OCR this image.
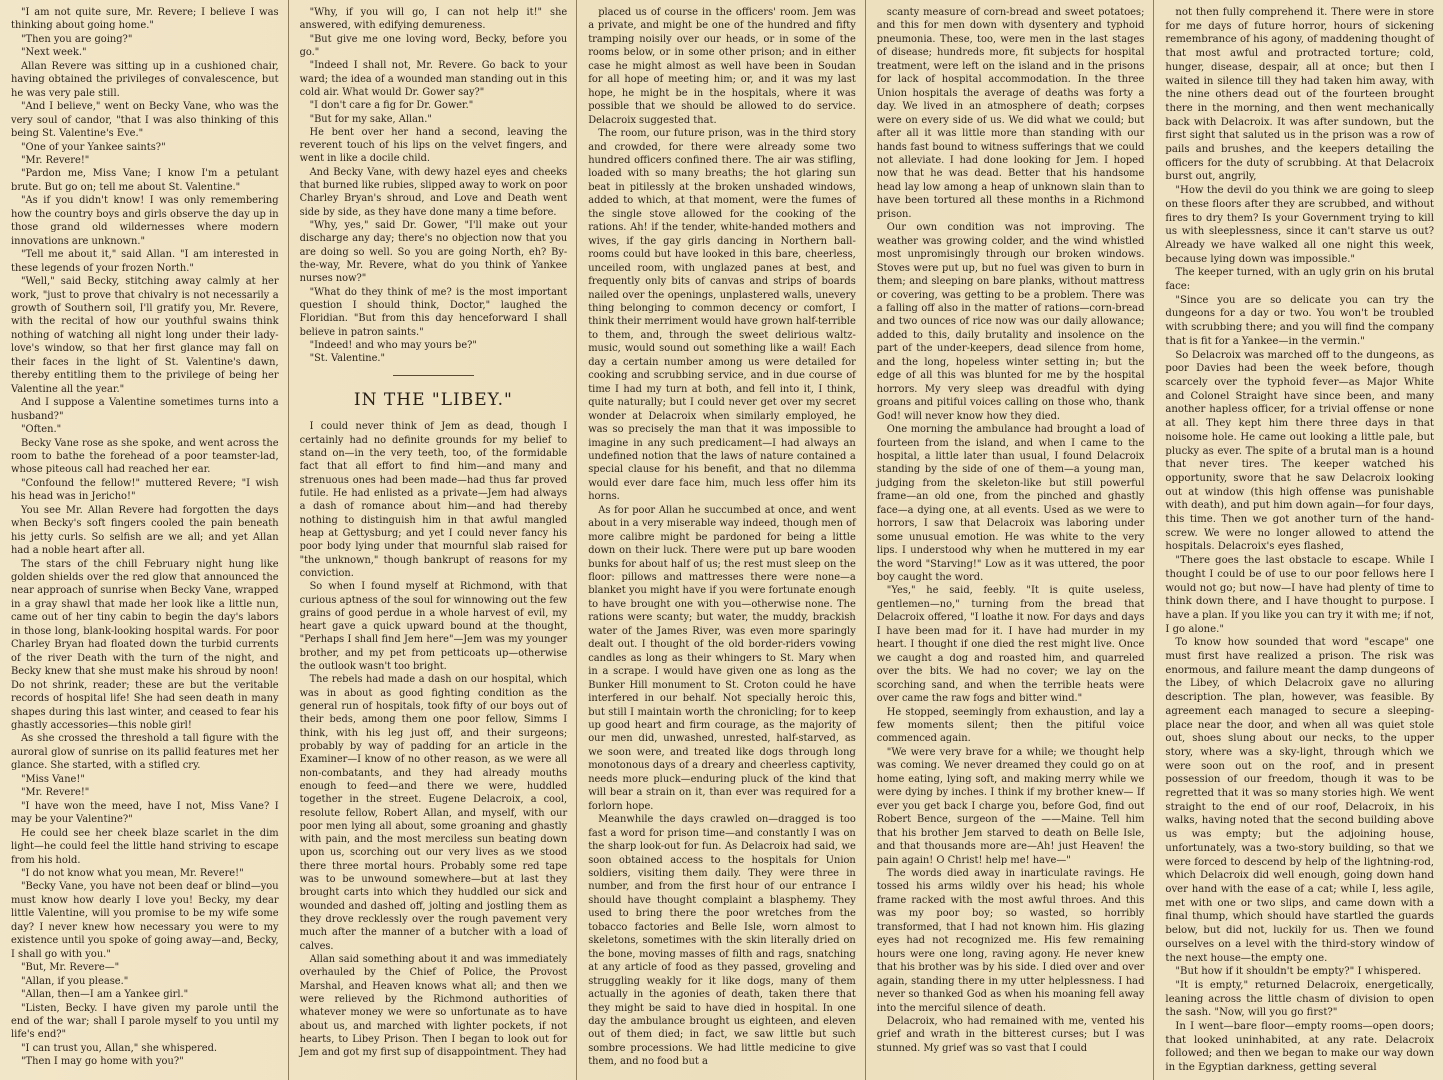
"I am not quite sure, Mr. Revere; I believe I was thinking about going home."

"Then you are going?"

"Next week."

Allan Revere was sitting up in a cushioned chair, having obtained the privileges of convalescence, but he was very pale still.

"And I believe," went on Becky Vane, who was the very soul of candor, "that I was also thinking of this being St. Valentine's Eve."

"One of your Yankee saints?"

"Mr. Revere!"

"Pardon me, Miss Vane; I know I'm a petulant brute. But go on; tell me about St. Valentine."

"As if you didn't know! I was only remembering how the country boys and girls observe the day up in those grand old wildernesses where modern innovations are unknown."

"Tell me about it," said Allan. "I am interested in these legends of your frozen North."

"Well," said Becky, stitching away calmly at her work, "just to prove that chivalry is not necessarily a growth of Southern soil, I'll gratify you, Mr. Revere, with the recital of how our youthful swains think nothing of watching all night long under their lady-love's window, so that her first glance may fall on their faces in the light of St. Valentine's dawn, thereby entitling them to the privilege of being her Valentine all the year."

And I suppose a Valentine sometimes turns into a husband?"

"Often."

Becky Vane rose as she spoke, and went across the room to bathe the forehead of a poor teamster-lad, whose piteous call had reached her ear.

"Confound the fellow!" muttered Revere; "I wish his head was in Jericho!"

You see Mr. Allan Revere had forgotten the days when Becky's soft fingers cooled the pain beneath his jetty curls. So selfish are we all; and yet Allan had a noble heart after all.

The stars of the chill February night hung like golden shields over the red glow that announced the near approach of sunrise when Becky Vane, wrapped in a gray shawl that made her look like a little nun, came out of her tiny cabin to begin the day's labors in those long, blank-looking hospital wards. For poor Charley Bryan had floated down the turbid currents of the river Death with the turn of the night, and Becky knew that she must make his shroud by noon! Do not shrink, reader; these are but the veritable records of hospital life! She had seen death in many shapes during this last winter, and ceased to fear his ghastly accessories—this noble girl!

As she crossed the threshold a tall figure with the auroral glow of sunrise on its pallid features met her glance. She started, with a stifled cry.

"Miss Vane!"

"Mr. Revere!"

"I have won the meed, have I not, Miss Vane? I may be your Valentine?"

He could see her cheek blaze scarlet in the dim light—he could feel the little hand striving to escape from his hold.

"I do not know what you mean, Mr. Revere!"

"Becky Vane, you have not been deaf or blind—you must know how dearly I love you! Becky, my dear little Valentine, will you promise to be my wife some day? I never knew how necessary you were to my existence until you spoke of going away—and, Becky, I shall go with you."

"But, Mr. Revere—"

"Allan, if you please."

"Allan, then—I am a Yankee girl."

"Listen, Becky. I have given my parole until the end of the war; shall I parole myself to you until my life's end?"

"I can trust you, Allan," she whispered.

"Then I may go home with you?"

"Why, if you will go, I can not help it!" she answered, with edifying demureness.

"But give me one loving word, Becky, before you go."

"Indeed I shall not, Mr. Revere. Go back to your ward; the idea of a wounded man standing out in this cold air. What would Dr. Gower say?"

"I don't care a fig for Dr. Gower."

"But for my sake, Allan."

He bent over her hand a second, leaving the reverent touch of his lips on the velvet fingers, and went in like a docile child.

And Becky Vane, with dewy hazel eyes and cheeks that burned like rubies, slipped away to work on poor Charley Bryan's shroud, and Love and Death went side by side, as they have done many a time before.

"Why, yes," said Dr. Gower, "I'll make out your discharge any day; there's no objection now that you are doing so well. So you are going North, eh? By-the-way, Mr. Revere, what do you think of Yankee nurses now?"

"What do they think of me? is the most important question I should think, Doctor," laughed the Floridian. "But from this day henceforward I shall believe in patron saints."

"Indeed! and who may yours be?"

"St. Valentine."

IN THE "LIBEY."

I could never think of Jem as dead, though I certainly had no definite grounds for my belief to stand on—in the very teeth, too, of the formidable fact that all effort to find him—and many and strenuous ones had been made—had thus far proved futile. He had enlisted as a private—Jem had always a dash of romance about him—and had thereby nothing to distinguish him in that awful mangled heap at Gettysburg; and yet I could never fancy his poor body lying under that mournful slab raised for "the unknown," though bankrupt of reasons for my conviction.

So when I found myself at Richmond, with that curious aptness of the soul for winnowing out the few grains of good perdue in a whole harvest of evil, my heart gave a quick upward bound at the thought, "Perhaps I shall find Jem here"—Jem was my younger brother, and my pet from petticoats up—otherwise the outlook wasn't too bright.

The rebels had made a dash on our hospital, which was in about as good fighting condition as the general run of hospitals, took fifty of our boys out of their beds, among them one poor fellow, Simms I think, with his leg just off, and their surgeons; probably by way of padding for an article in the Examiner—I know of no other reason, as we were all non-combatants, and they had already mouths enough to feed—and there we were, huddled together in the street. Eugene Delacroix, a cool, resolute fellow, Robert Allan, and myself, with our poor men lying all about, some groaning and ghastly with pain, and the most merciless sun beating down upon us, scorching out our very lives as we stood there three mortal hours. Probably some red tape was to be unwound somewhere—but at last they brought carts into which they huddled our sick and wounded and dashed off, jolting and jostling them as they drove recklessly over the rough pavement very much after the manner of a butcher with a load of calves.

Allan said something about it and was immediately overhauled by the Chief of Police, the Provost Marshal, and Heaven knows what all; and then we were relieved by the Richmond authorities of whatever money we were so unfortunate as to have about us, and marched with lighter pockets, if not hearts, to Libey Prison. Then I began to look out for Jem and got my first sup of disappointment. They had

placed us of course in the officers' room. Jem was a private, and might be one of the hundred and fifty tramping noisily over our heads, or in some of the rooms below, or in some other prison; and in either case he might almost as well have been in Soudan for all hope of meeting him; or, and it was my last hope, he might be in the hospitals, where it was possible that we should be allowed to do service. Delacroix suggested that.

The room, our future prison, was in the third story and crowded, for there were already some two hundred officers confined there. The air was stifling, loaded with so many breaths; the hot glaring sun beat in pitilessly at the broken unshaded windows, added to which, at that moment, were the fumes of the single stove allowed for the cooking of the rations. Ah! if the tender, white-handed mothers and wives, if the gay girls dancing in Northern ball-rooms could but have looked in this bare, cheerless, unceiled room, with unglazed panes at best, and frequently only bits of canvas and strips of boards nailed over the openings, unplastered walls, unevery thing belonging to common decency or comfort, I think their merriment would have grown half-terrible to them, and, through the sweet delirious waltz-music, would sound out something like a wail! Each day a certain number among us were detailed for cooking and scrubbing service, and in due course of time I had my turn at both, and fell into it, I think, quite naturally; but I could never get over my secret wonder at Delacroix when similarly employed, he was so precisely the man that it was impossible to imagine in any such predicament—I had always an undefined notion that the laws of nature contained a special clause for his benefit, and that no dilemma would ever dare face him, much less offer him its horns.

As for poor Allan he succumbed at once, and went about in a very miserable way indeed, though men of more calibre might be pardoned for being a little down on their luck. There were put up bare wooden bunks for about half of us; the rest must sleep on the floor: pillows and mattresses there were none—a blanket you might have if you were fortunate enough to have brought one with you—otherwise none. The rations were scanty; but water, the muddy, brackish water of the James River, was even more sparingly dealt out. I thought of the old border-riders vowing candles as long as their whingers to St. Mary when in a scrape. I would have given one as long as the Bunker Hill monument to St. Croton could he have interfered in our behalf. Not specially heroic this, but still I maintain worth the chronicling; for to keep up good heart and firm courage, as the majority of our men did, unwashed, unrested, half-starved, as we soon were, and treated like dogs through long monotonous days of a dreary and cheerless captivity, needs more pluck—enduring pluck of the kind that will bear a strain on it, than ever was required for a forlorn hope.

Meanwhile the days crawled on—dragged is too fast a word for prison time—and constantly I was on the sharp look-out for fun. As Delacroix had said, we soon obtained access to the hospitals for Union soldiers, visiting them daily. They were three in number, and from the first hour of our entrance I should have thought complaint a blasphemy. They used to bring there the poor wretches from the tobacco factories and Belle Isle, worn almost to skeletons, sometimes with the skin literally dried on the bone, moving masses of filth and rags, snatching at any article of food as they passed, groveling and struggling weakly for it like dogs, many of them actually in the agonies of death, taken there that they might be said to have died in hospital. In one day the ambulance brought us eighteen, and eleven out of them died; in fact, we saw little but such sombre processions. We had little medicine to give them, and no food but a

scanty measure of corn-bread and sweet potatoes; and this for men down with dysentery and typhoid pneumonia. These, too, were men in the last stages of disease; hundreds more, fit subjects for hospital treatment, were left on the island and in the prisons for lack of hospital accommodation. In the three Union hospitals the average of deaths was forty a day. We lived in an atmosphere of death; corpses were on every side of us. We did what we could; but after all it was little more than standing with our hands fast bound to witness sufferings that we could not alleviate. I had done looking for Jem. I hoped now that he was dead. Better that his handsome head lay low among a heap of unknown slain than to have been tortured all these months in a Richmond prison.

Our own condition was not improving. The weather was growing colder, and the wind whistled most unpromisingly through our broken windows. Stoves were put up, but no fuel was given to burn in them; and sleeping on bare planks, without mattress or covering, was getting to be a problem. There was a falling off also in the matter of rations—corn-bread and two ounces of rice now was our daily allowance; added to this, daily brutality and insolence on the part of the under-keepers, dead silence from home, and the long, hopeless winter setting in; but the edge of all this was blunted for me by the hospital horrors. My very sleep was dreadful with dying groans and pitiful voices calling on those who, thank God! will never know how they died.

One morning the ambulance had brought a load of fourteen from the island, and when I came to the hospital, a little later than usual, I found Delacroix standing by the side of one of them—a young man, judging from the skeleton-like but still powerful frame—an old one, from the pinched and ghastly face—a dying one, at all events. Used as we were to horrors, I saw that Delacroix was laboring under some unusual emotion. He was white to the very lips. I understood why when he muttered in my ear the word "Starving!" Low as it was uttered, the poor boy caught the word.

"Yes," he said, feebly. "It is quite useless, gentlemen—no," turning from the bread that Delacroix offered, "I loathe it now. For days and days I have been mad for it. I have had murder in my heart. I thought if one died the rest might live. Once we caught a dog and roasted him, and quarreled over the bits. We had no cover; we lay on the scorching sand, and when the terrible heats were over came the raw fogs and bitter wind."

He stopped, seemingly from exhaustion, and lay a few moments silent; then the pitiful voice commenced again.

"We were very brave for a while; we thought help was coming. We never dreamed they could go on at home eating, lying soft, and making merry while we were dying by inches. I think if my brother knew— If ever you get back I charge you, before God, find out Robert Bence, surgeon of the ——Maine. Tell him that his brother Jem starved to death on Belle Isle, and that thousands more are—Ah! just Heaven! the pain again! O Christ! help me! have—"

The words died away in inarticulate ravings. He tossed his arms wildly over his head; his whole frame racked with the most awful throes. And this was my poor boy; so wasted, so horribly transformed, that I had not known him. His glazing eyes had not recognized me. His few remaining hours were one long, raving agony. He never knew that his brother was by his side. I died over and over again, standing there in my utter helplessness. I had never so thanked God as when his moaning fell away into the merciful silence of death.

Delacroix, who had remained with me, vented his grief and wrath in the bitterest curses; but I was stunned. My grief was so vast that I could

not then fully comprehend it. There were in store for me days of future horror, hours of sickening remembrance of his agony, of maddening thought of that most awful and protracted torture; cold, hunger, disease, despair, all at once; but then I waited in silence till they had taken him away, with the nine others dead out of the fourteen brought there in the morning, and then went mechanically back with Delacroix. It was after sundown, but the first sight that saluted us in the prison was a row of pails and brushes, and the keepers detailing the officers for the duty of scrubbing. At that Delacroix burst out, angrily,

"How the devil do you think we are going to sleep on these floors after they are scrubbed, and without fires to dry them? Is your Government trying to kill us with sleeplessness, since it can't starve us out? Already we have walked all one night this week, because lying down was impossible."

The keeper turned, with an ugly grin on his brutal face:

"Since you are so delicate you can try the dungeons for a day or two. You won't be troubled with scrubbing there; and you will find the company that is fit for a Yankee—in the vermin."

So Delacroix was marched off to the dungeons, as poor Davies had been the week before, though scarcely over the typhoid fever—as Major White and Colonel Straight have since been, and many another hapless officer, for a trivial offense or none at all. They kept him there three days in that noisome hole. He came out looking a little pale, but plucky as ever. The spite of a brutal man is a hound that never tires. The keeper watched his opportunity, swore that he saw Delacroix looking out at window (this high offense was punishable with death), and put him down again—for four days, this time. Then we got another turn of the hand-screw. We were no longer allowed to attend the hospitals. Delacroix's eyes flashed,

"There goes the last obstacle to escape. While I thought I could be of use to our poor fellows here I would not go; but now—I have had plenty of time to think down there, and I have thought to purpose. I have a plan. If you like you can try it with me; if not, I go alone."

To know how sounded that word "escape" one must first have realized a prison. The risk was enormous, and failure meant the damp dungeons of the Libey, of which Delacroix gave no alluring description. The plan, however, was feasible. By agreement each managed to secure a sleeping-place near the door, and when all was quiet stole out, shoes slung about our necks, to the upper story, where was a sky-light, through which we were soon out on the roof, and in present possession of our freedom, though it was to be regretted that it was so many stories high. We went straight to the end of our roof, Delacroix, in his walks, having noted that the second building above us was empty; but the adjoining house, unfortunately, was a two-story building, so that we were forced to descend by help of the lightning-rod, which Delacroix did well enough, going down hand over hand with the ease of a cat; while I, less agile, met with one or two slips, and came down with a final thump, which should have startled the guards below, but did not, luckily for us. Then we found ourselves on a level with the third-story window of the next house—the empty one.

"But how if it shouldn't be empty?" I whispered.

"It is empty," returned Delacroix, energetically, leaning across the little chasm of division to open the sash. "Now, will you go first?"

In I went—bare floor—empty rooms—open doors; that looked uninhabited, at any rate. Delacroix followed; and then we began to make our way down in the Egyptian darkness, getting several
